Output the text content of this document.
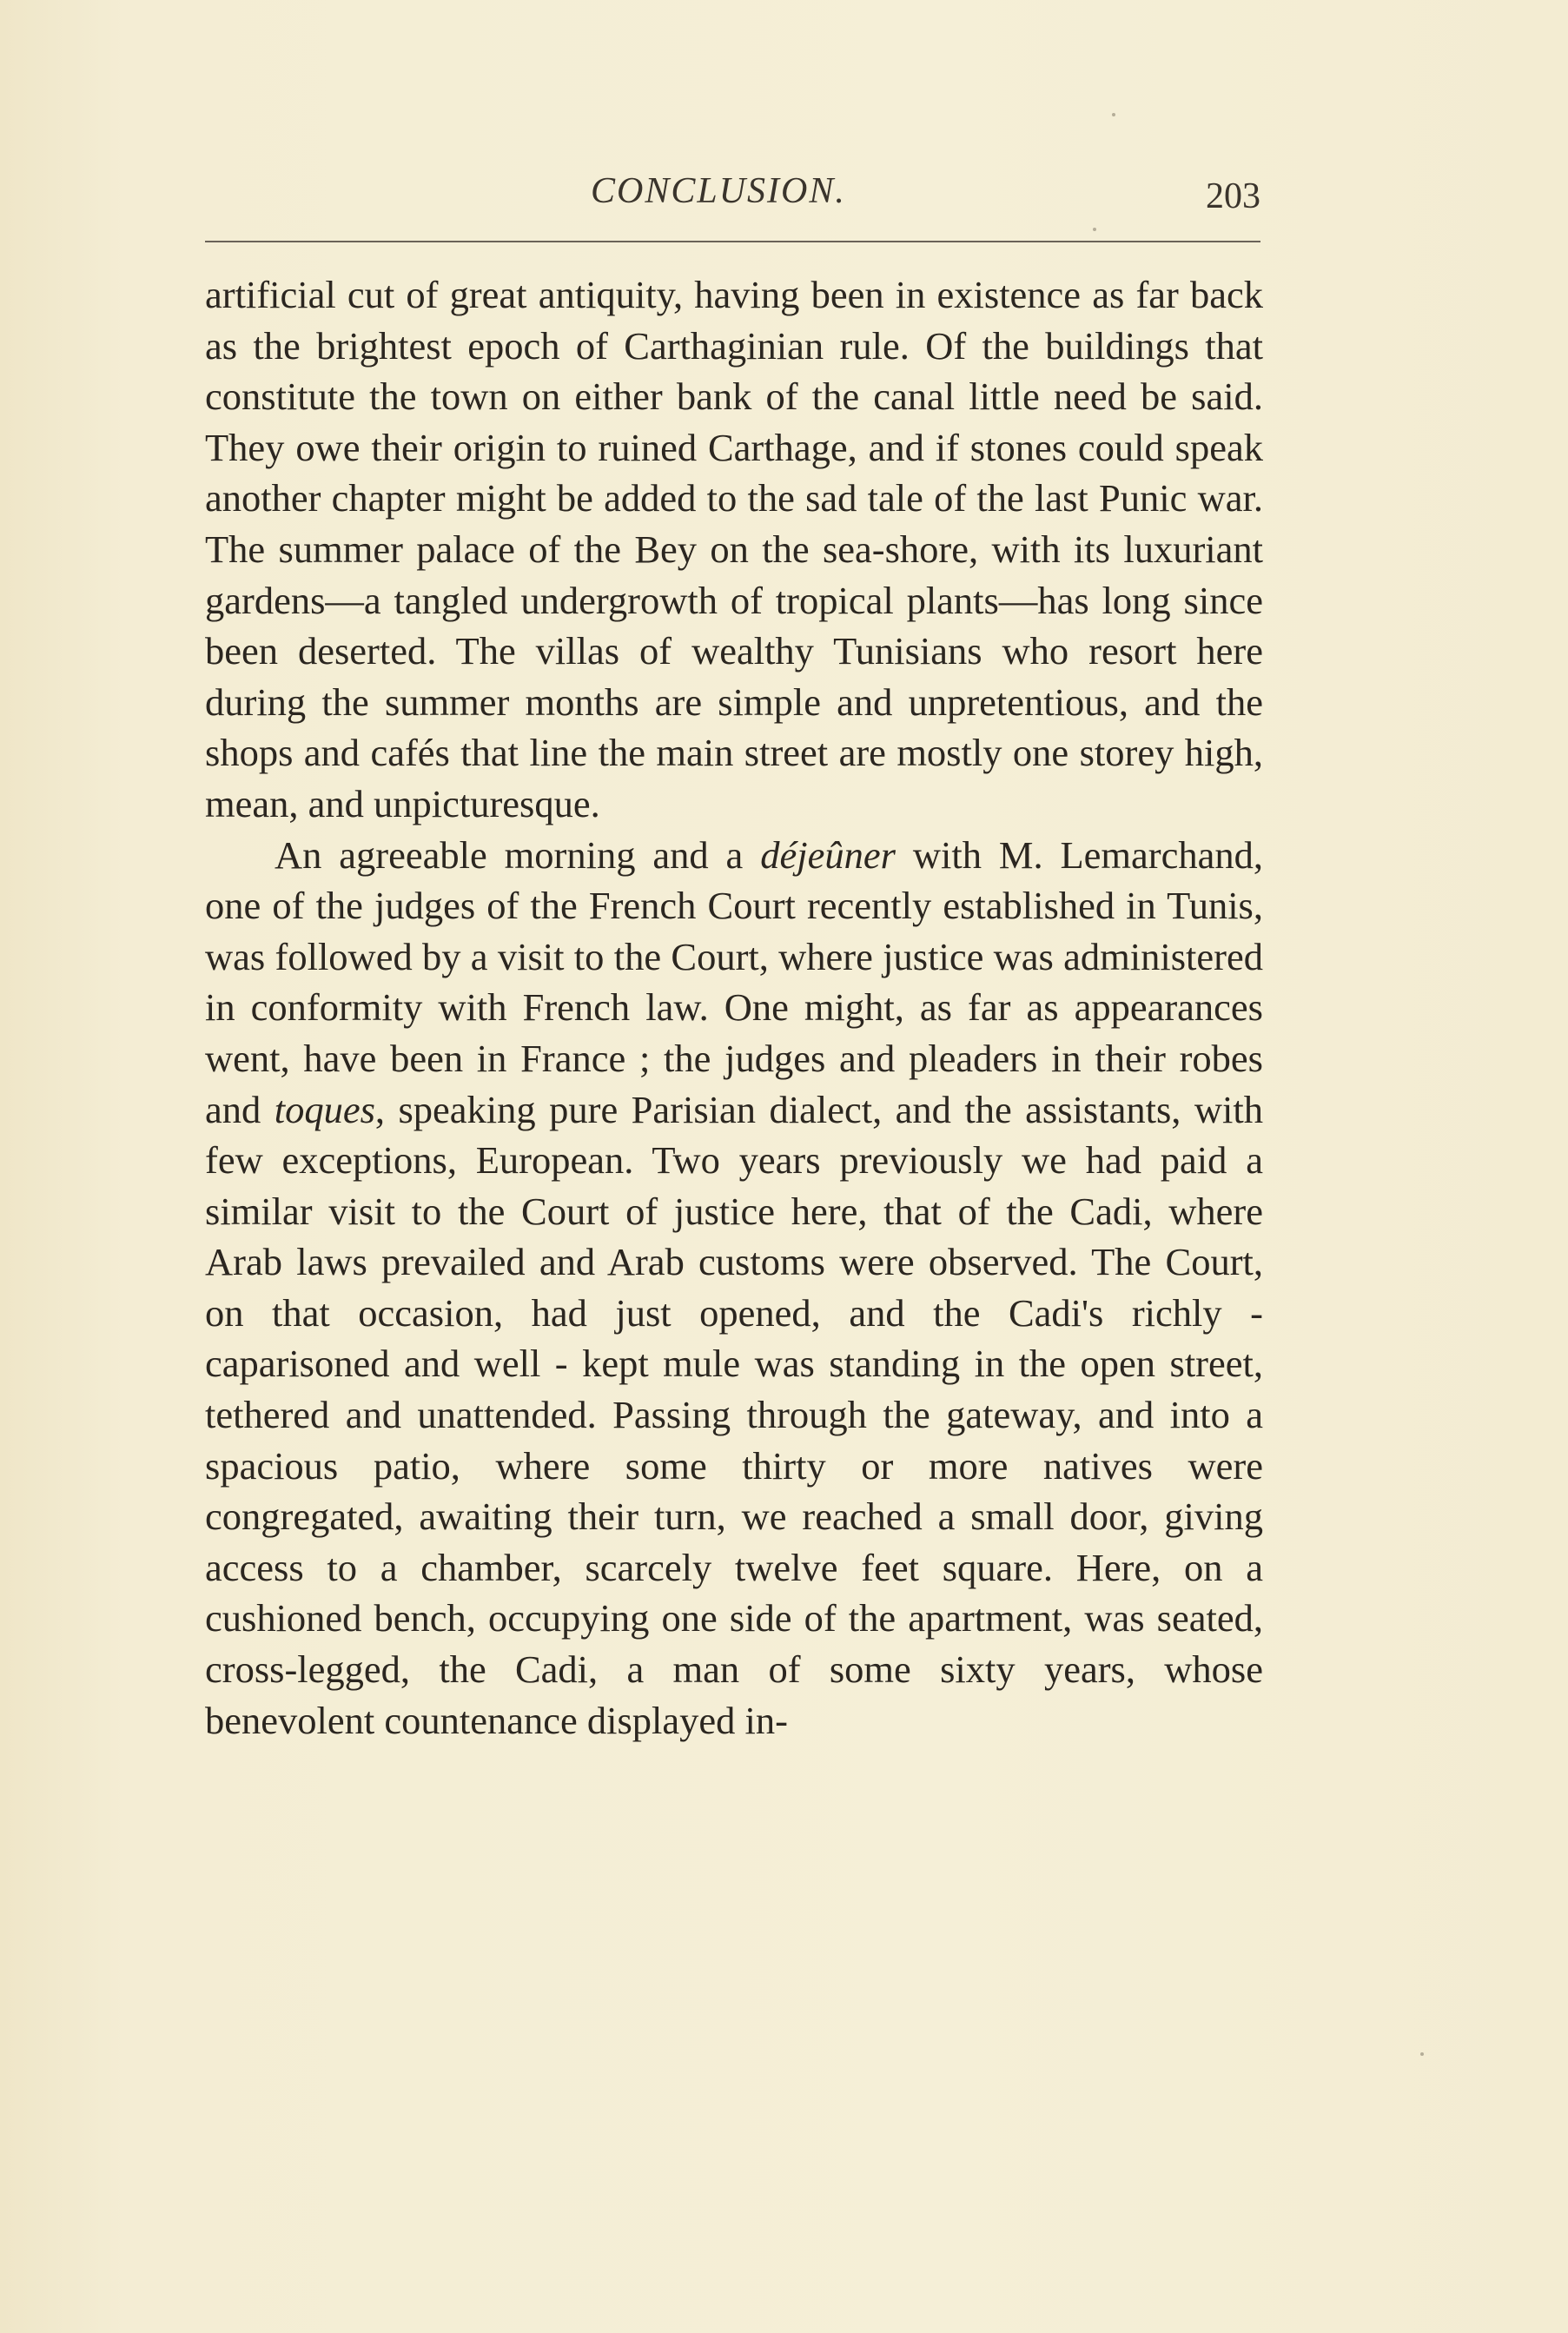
CONCLUSION.	203

artificial cut of great antiquity, having been in existence as far back as the brightest epoch of Carthaginian rule. Of the buildings that constitute the town on either bank of the canal little need be said. They owe their origin to ruined Carthage, and if stones could speak another chapter might be added to the sad tale of the last Punic war. The summer palace of the Bey on the sea-shore, with its luxuriant gardens—a tangled undergrowth of tropical plants—has long since been deserted. The villas of wealthy Tunisians who resort here during the summer months are simple and unpretentious, and the shops and cafés that line the main street are mostly one storey high, mean, and unpicturesque.

An agreeable morning and a déjeûner with M. Lemarchand, one of the judges of the French Court recently established in Tunis, was followed by a visit to the Court, where justice was administered in conformity with French law. One might, as far as appearances went, have been in France ; the judges and pleaders in their robes and toques, speaking pure Parisian dialect, and the assistants, with few exceptions, European. Two years previously we had paid a similar visit to the Court of justice here, that of the Cadi, where Arab laws prevailed and Arab customs were observed. The Court, on that occasion, had just opened, and the Cadi's richly - caparisoned and well - kept mule was standing in the open street, tethered and unattended. Passing through the gateway, and into a spacious patio, where some thirty or more natives were congregated, awaiting their turn, we reached a small door, giving access to a chamber, scarcely twelve feet square. Here, on a cushioned bench, occupying one side of the apartment, was seated, cross-legged, the Cadi, a man of some sixty years, whose benevolent countenance displayed in-
